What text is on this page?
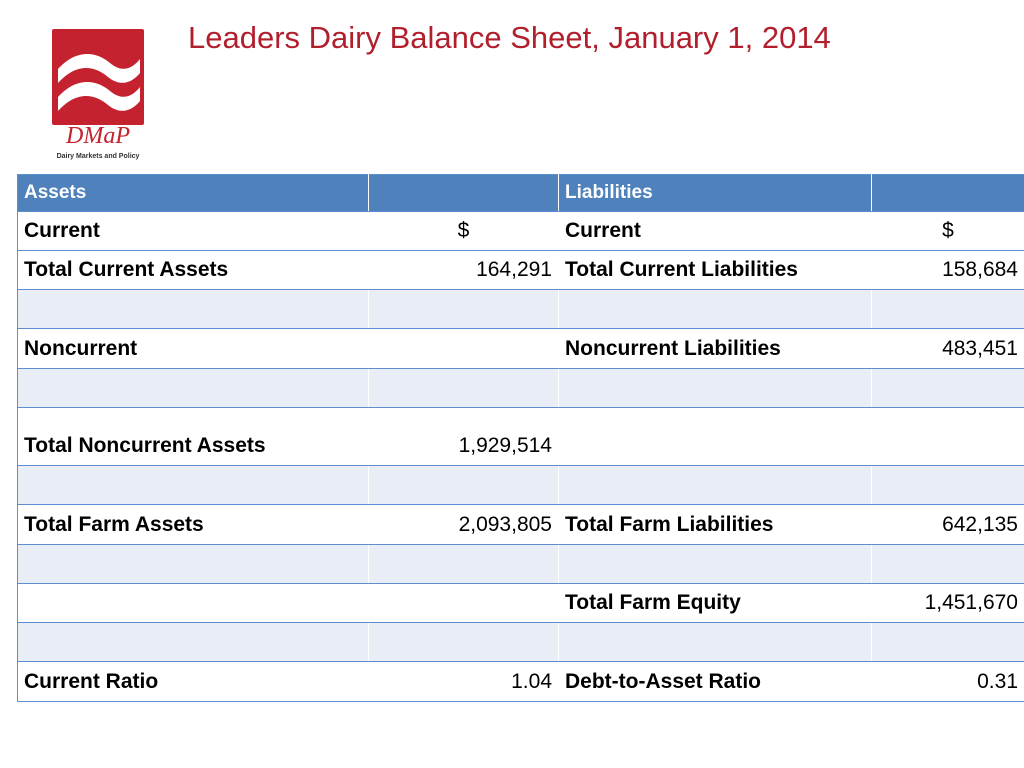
DMaP
Dairy Markets and Policy
Leaders Dairy Balance Sheet, January 1, 2014
Assets		Liabilities	
Current	$	Current	$
Total Current Assets	164,291	Total Current Liabilities	158,684

Noncurrent		Noncurrent Liabilities	483,451

Total Noncurrent Assets	1,929,514		

Total Farm Assets	2,093,805	Total Farm Liabilities	642,135

		Total Farm Equity	1,451,670

Current Ratio	1.04	Debt-to-Asset Ratio	0.31
